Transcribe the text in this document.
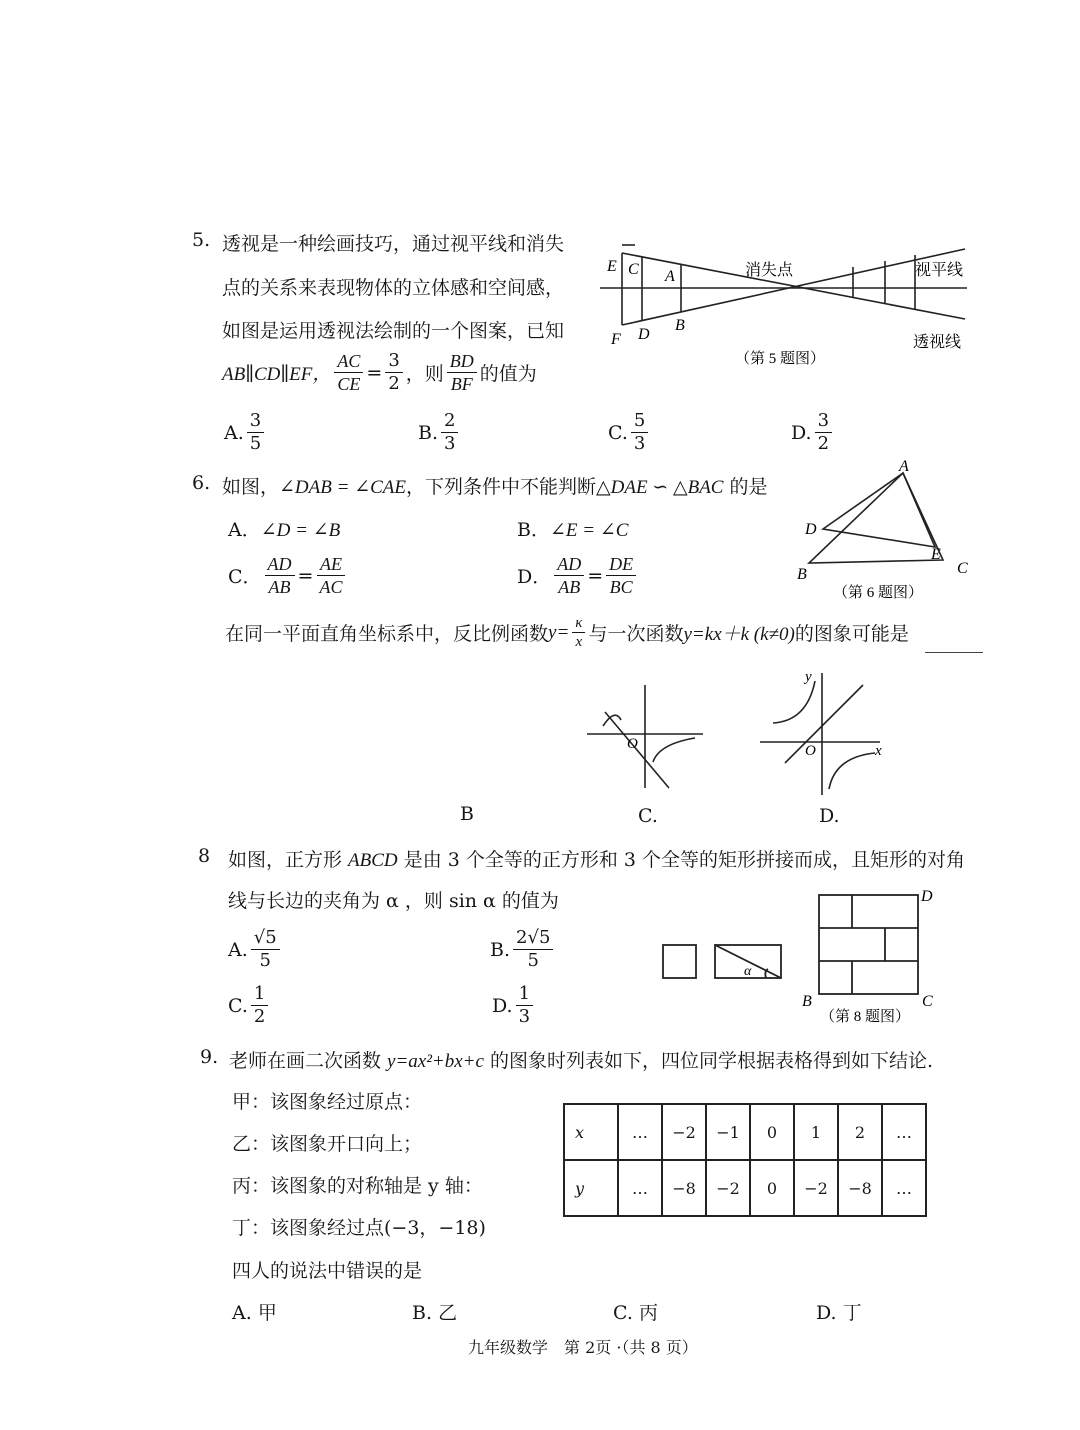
5. 透视是一种绘画技巧，通过视平线和消失
点的关系来表现物体的立体感和空间感，
如图是运用透视法绘制的一个图案，已知
AB∥CD∥EF， $\frac{AC}{CE} = \frac{3}{2}$ ，则 $\frac{BD}{BF}$ 的值为
E C A
F D
B
消失点	视平线
透视线
（第 5 题图）
A. $\frac{3}{5}$	B. $\frac{2}{3}$	C. $\frac{5}{3}$	D. $\frac{3}{2}$
6. 如图，∠DAB = ∠CAE，下列条件中不能判断△DAE ∽ △BAC 的是
A．∠D = ∠B	B．∠E = ∠C
C． $\frac{AD}{AB} = \frac{AE}{AC}$	D． $\frac{AD}{AB} = \frac{DE}{BC}$
A
D
E
B	C
（第 6 题图）
在同一平面直角坐标系中，反比例函数 $y= \frac{\kappa}{x}$ 与一次函数 y=kx＋k (k≠0) 的图象可能是
O
C.
y
O	x
B	D.
8 如图，正方形 ABCD 是由 3 个全等的正方形和 3 个全等的矩形拼接而成，且矩形的对角
线与长边的夹角为 α ，则 sin α 的值为
A. $\frac{√5}{5}$	B. $\frac{2√5}{5}$
C. $\frac{1}{2}$	D. $\frac{1}{3}$
α
D
B	C
（第 8 题图）
9. 老师在画二次函数 y=ax²+bx+c 的图象时列表如下，四位同学根据表格得到如下结论.
甲：该图象经过原点：
乙：该图象开口向上；
丙：该图象的对称轴是 y 轴：
丁：该图象经过点(−3，−18)
四人的说法中错误的是
x	…	−2	−1	0	1	2	…
y	…	−8	−2	0	−2	−8	…
A. 甲	B. 乙	C. 丙	D. 丁
九年级数学　第 2页 ·（共 8 页）
